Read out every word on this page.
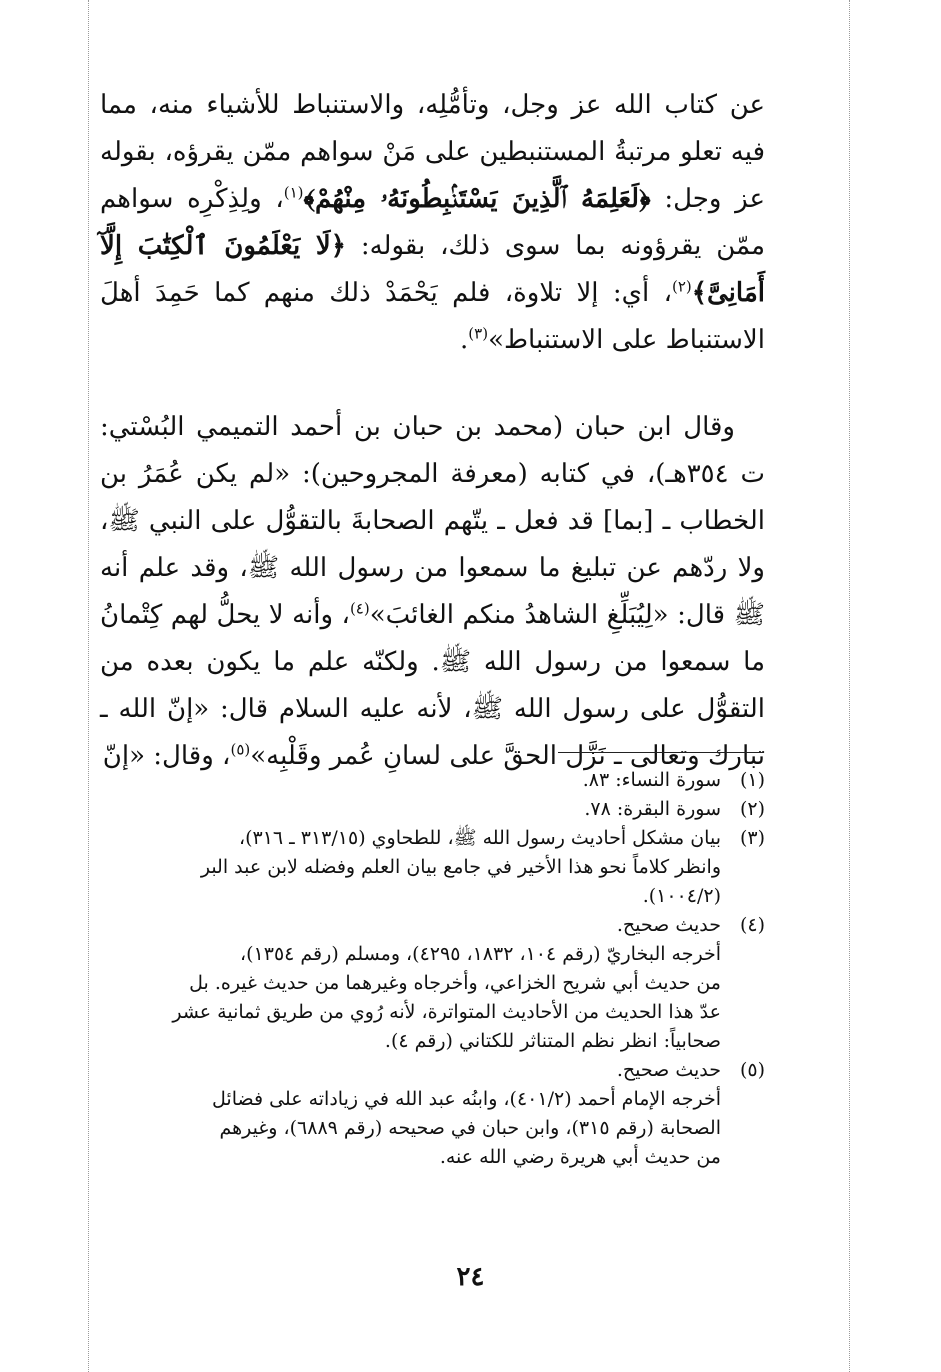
عن كتاب الله عز وجل، وتأمُّلِه، والاستنباط للأشياء منه، مما فيه تعلو مرتبةُ المستنبطين على مَنْ سواهم ممّن يقرؤه، بقوله عز وجل: ﴿لَعَلِمَهُ ٱلَّذِينَ يَسْتَنۢبِطُونَهُۥ مِنْهُمْ﴾$^{(١)}$، ولِذِكْرِه سواهم ممّن يقرؤونه بما سوى ذلك، بقوله: ﴿لَا يَعْلَمُونَ ٱلْكِتَٰبَ إِلَّآ أَمَانِىَّ﴾$^{(٢)}$، أي: إلا تلاوة، فلم يَحْمَدْ ذلك منهم كما حَمِدَ أهلَ الاستنباط على الاستنباط»$^{(٣)}$.

وقال ابن حبان (محمد بن حبان بن أحمد التميمي البُسْتي: ت ٣٥٤هـ)، في كتابه (معرفة المجروحين): «لم يكن عُمَرُ بن الخطاب ـ [بما] قد فعل ـ يتّهم الصحابةَ بالتقوُّل على النبي ﷺ، ولا ردّهم عن تبليغ ما سمعوا من رسول الله ﷺ، وقد علم أنه ﷺ قال: «لِيُبَلِّغِ الشاهدُ منكم الغائبَ»$^{(٤)}$، وأنه لا يحلُّ لهم كِتْمانُ ما سمعوا من رسول الله ﷺ. ولكنّه علم ما يكون بعده من التقوُّل على رسول الله ﷺ، لأنه عليه السلام قال: «إنّ الله ـ تبارك وتعالى ـ نَزَّل الحقَّ على لسانِ عُمر وقَلْبِه»$^{(٥)}$، وقال: «إنّ

(١)
سورة النساء: ٨٣.
(٢)
سورة البقرة: ٧٨.
(٣)
بيان مشكل أحاديث رسول الله ﷺ، للطحاوي (٣١٣/١٥ ـ ٣١٦)،
وانظر كلاماً نحو هذا الأخير في جامع بيان العلم وفضله لابن عبد البر
(١٠٠٤/٢).
(٤)
حديث صحيح.
أخرجه البخاريّ (رقم ١٠٤، ١٨٣٢، ٤٢٩٥)، ومسلم (رقم ١٣٥٤)،
من حديث أبي شريح الخزاعي، وأخرجاه وغيرهما من حديث غيره. بل
عدّ هذا الحديث من الأحاديث المتواترة، لأنه رُوي من طريق ثمانية عشر
صحابياً: انظر نظم المتناثر للكتاني (رقم ٤).
(٥)
حديث صحيح.
أخرجه الإمام أحمد (٤٠١/٢)، وابنُه عبد الله في زياداته على فضائل
الصحابة (رقم ٣١٥)، وابن حبان في صحيحه (رقم ٦٨٨٩)، وغيرهم
من حديث أبي هريرة رضي الله عنه.
٢٤
